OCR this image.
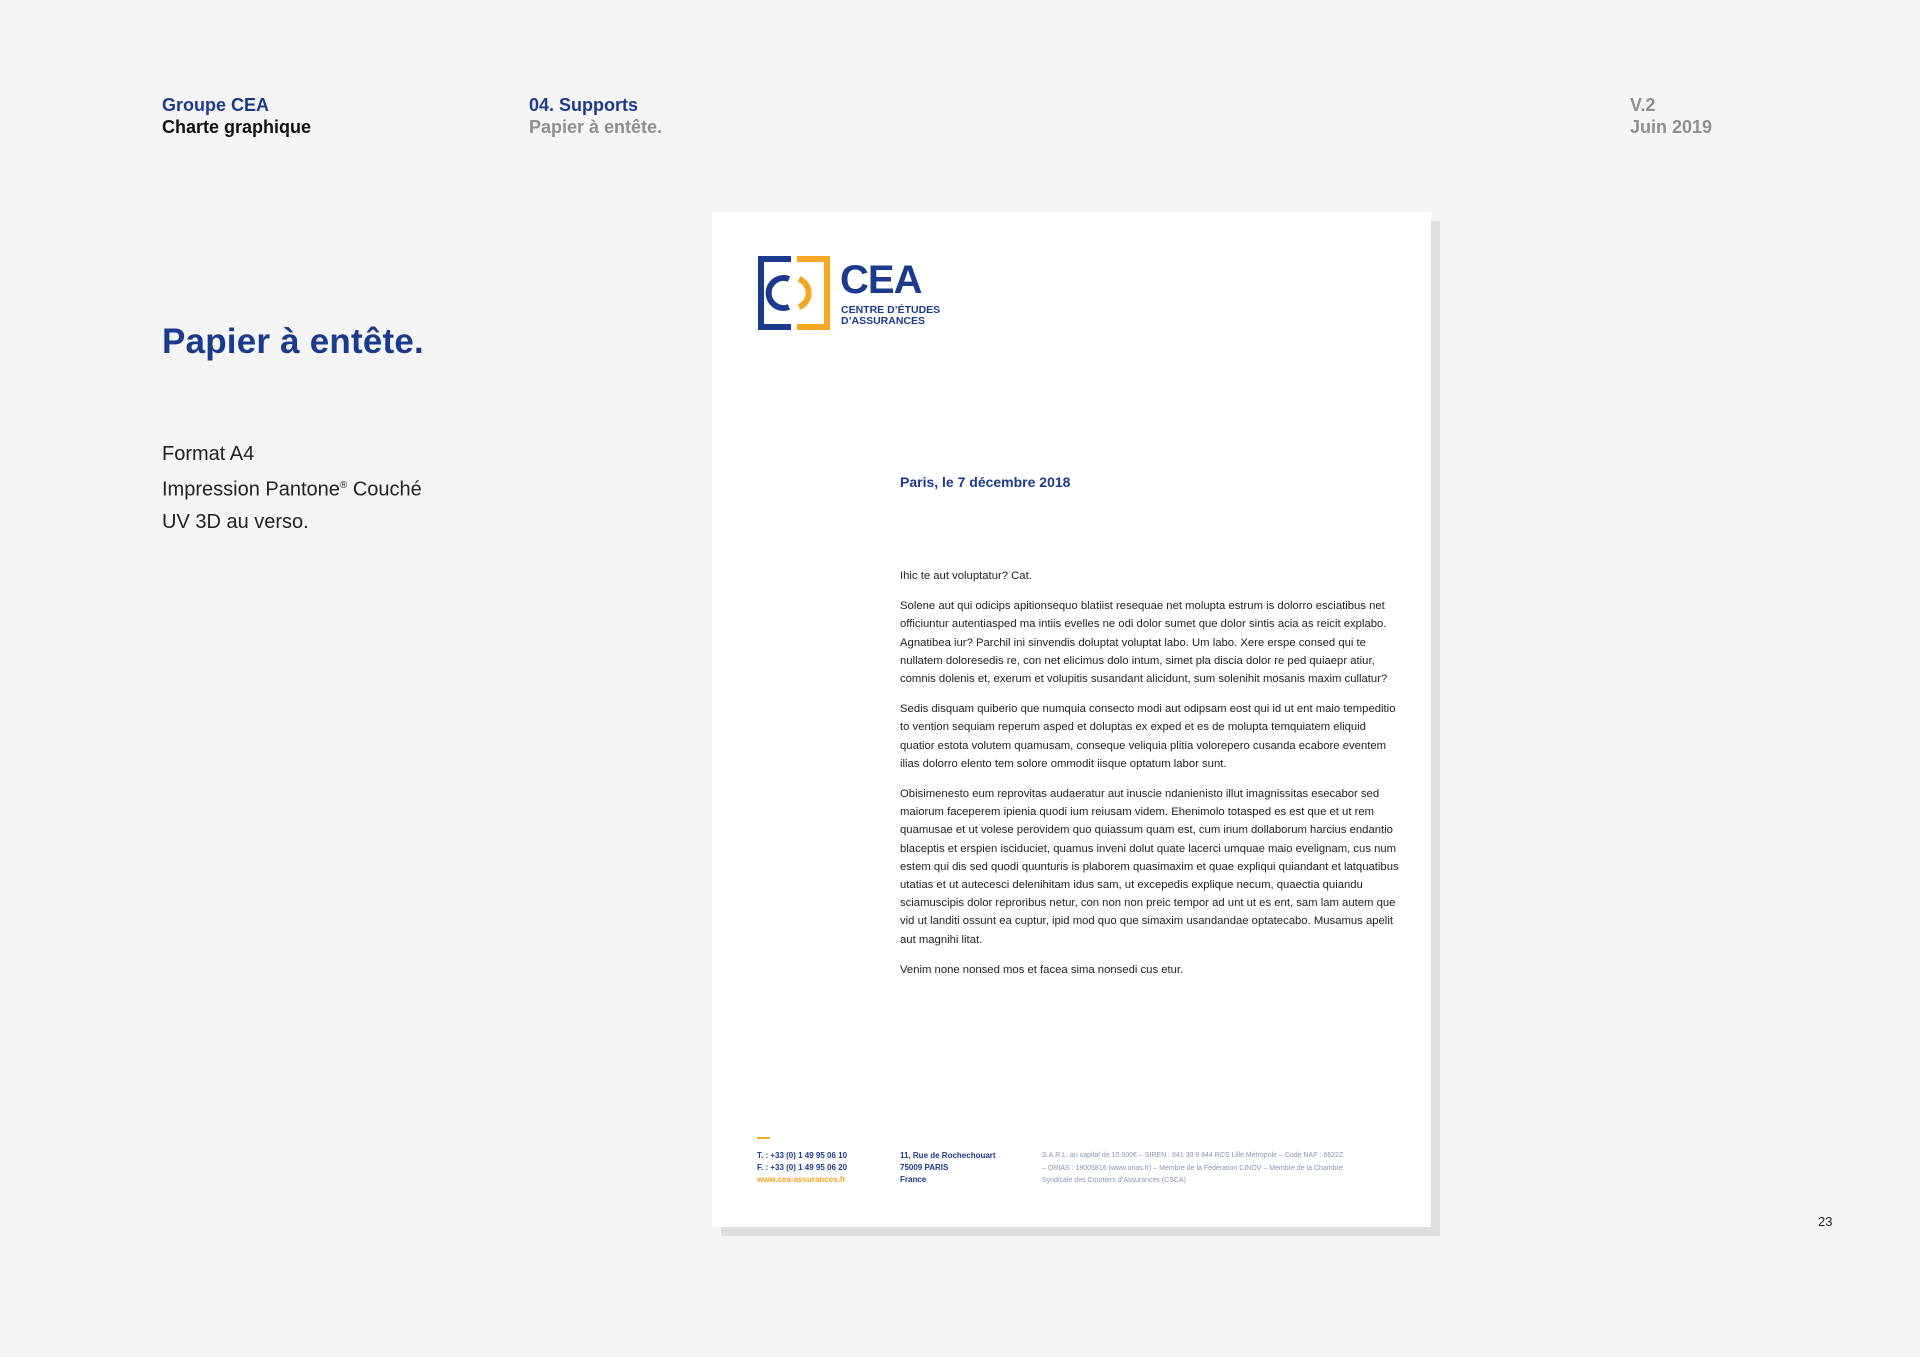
Groupe CEA
Charte graphique
04. Supports
Papier à entête.
V.2
Juin 2019
Papier à entête.
Format A4
Impression Pantone® Couché
UV 3D au verso.
CEA
CENTRE D’ÉTUDES
D’ASSURANCES
Paris, le 7 décembre 2018

Ihic te aut voluptatur? Cat.

Solene aut qui odicips apitionsequo blatiist resequae net molupta estrum is dolorro esciatibus net officiuntur autentiasped ma intiis evelles ne odi dolor sumet que dolor sintis acia as reicit explabo. Agnatibea iur? Parchil ini sinvendis doluptat voluptat labo. Um labo. Xere erspe consed qui te nullatem doloresedis re, con net elicimus dolo intum, simet pla discia dolor re ped quiaepr atiur, comnis dolenis et, exerum et volupitis susandant alicidunt, sum solenihit mosanis maxim cullatur?

Sedis disquam quiberio que numquia consecto modi aut odipsam eost qui id ut ent maio tempeditio to vention sequiam reperum asped et doluptas ex exped et es de molupta temquiatem eliquid quatior estota volutem quamusam, conseque veliquia plitia volorepero cusanda ecabore eventem ilias dolorro elento tem solore ommodit iisque optatum labor sunt.

Obisimenesto eum reprovitas audaeratur aut inuscie ndanienisto illut imagnissitas esecabor sed maiorum faceperem ipienia quodi ium reiusam videm. Ehenimolo totasped es est que et ut rem quamusae et ut volese perovidem quo quiassum quam est, cum inum dollaborum harcius endantio blaceptis et erspien isciduciet, quamus inveni dolut quate lacerci umquae maio evelignam, cus num estem qui dis sed quodi quunturis is plaborem quasimaxim et quae expliqui quiandant et latquatibus utatias et ut autecesci delenihitam idus sam, ut excepedis explique necum, quaectia quiandu sciamuscipis dolor reproribus netur, con non non preic tempor ad unt ut es ent, sam lam autem que vid ut landiti ossunt ea cuptur, ipid mod quo que simaxim usandandae optatecabo. Musamus apelit aut magnihi litat.

Venim none nonsed mos et facea sima nonsedi cus etur.

T. : +33 (0) 1 49 95 06 10
F. : +33 (0) 1 49 95 06 20
www.cea-assurances.fr
11, Rue de Rochechouart
75009 PARIS
France
S.A.R.L. au capital de 10.000€ – SIREN : 841 30 8 844 RCS Lille Métropole – Code NAF : 6622Z
– ORIAS : 18005816 (www.orias.fr) – Membre de la Fédération CINOV – Membre de la Chambre
Syndicale des Courtiers d’Assurances (CSCA)
23
